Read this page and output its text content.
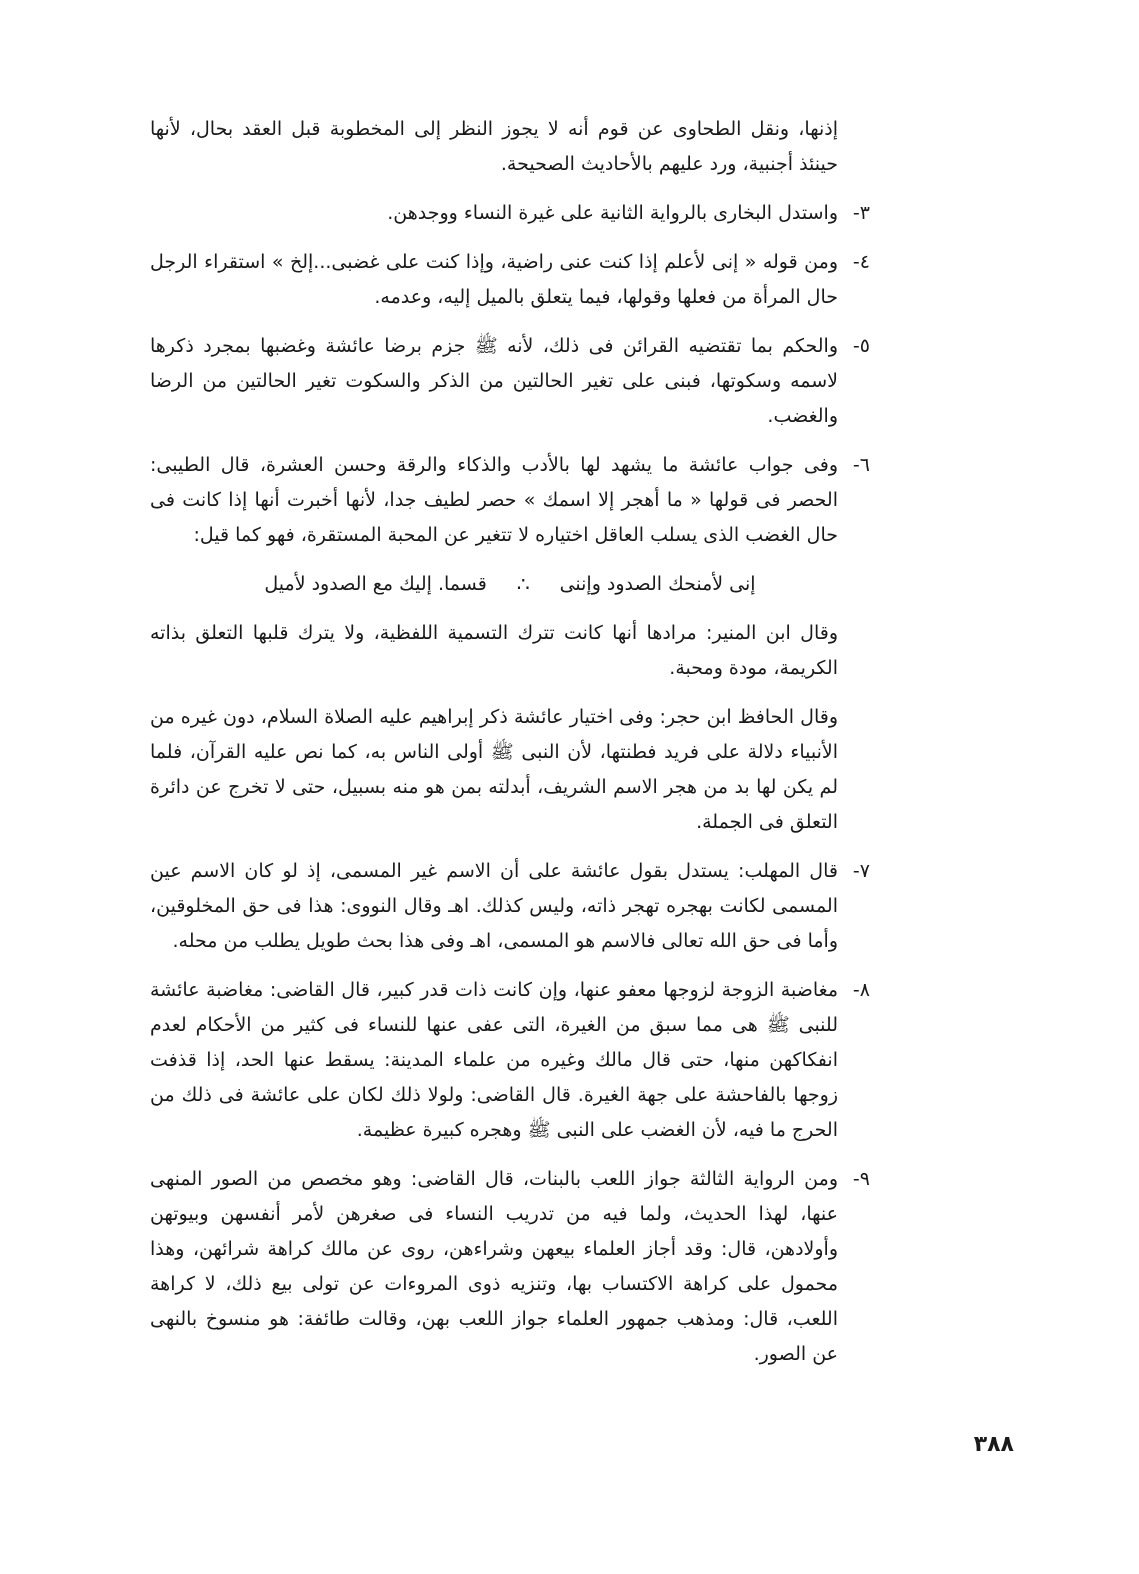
إذنها، ونقل الطحاوى عن قوم أنه لا يجوز النظر إلى المخطوبة قبل العقد بحال، لأنها حينئذ أجنبية، ورد عليهم بالأحاديث الصحيحة.

٣-
واستدل البخارى بالرواية الثانية على غيرة النساء ووجدهن.
٤-
ومن قوله « إنى لأعلم إذا كنت عنى راضية، وإذا كنت على غضبى...إلخ » استقراء الرجل حال المرأة من فعلها وقولها، فيما يتعلق بالميل إليه، وعدمه.
٥-
والحكم بما تقتضيه القرائن فى ذلك، لأنه ﷺ جزم برضا عائشة وغضبها بمجرد ذكرها لاسمه وسكوتها، فبنى على تغير الحالتين من الذكر والسكوت تغير الحالتين من الرضا والغضب.
٦-
وفى جواب عائشة ما يشهد لها بالأدب والذكاء والرقة وحسن العشرة، قال الطيبى: الحصر فى قولها « ما أهجر إلا اسمك » حصر لطيف جدا، لأنها أخبرت أنها إذا كانت فى حال الغضب الذى يسلب العاقل اختياره لا تتغير عن المحبة المستقرة، فهو كما قيل:
إنى لأمنحك الصدود وإننى
∴
قسما. إليك مع الصدود لأميل

وقال ابن المنير: مرادها أنها كانت تترك التسمية اللفظية، ولا يترك قلبها التعلق بذاته الكريمة، مودة ومحبة.

وقال الحافظ ابن حجر: وفى اختيار عائشة ذكر إبراهيم عليه الصلاة السلام، دون غيره من الأنبياء دلالة على فريد فطنتها، لأن النبى ﷺ أولى الناس به، كما نص عليه القرآن، فلما لم يكن لها بد من هجر الاسم الشريف، أبدلته بمن هو منه بسبيل، حتى لا تخرج عن دائرة التعلق فى الجملة.

٧-
قال المهلب: يستدل بقول عائشة على أن الاسم غير المسمى، إذ لو كان الاسم عين المسمى لكانت بهجره تهجر ذاته، وليس كذلك. اهـ وقال النووى: هذا فى حق المخلوقين، وأما فى حق الله تعالى فالاسم هو المسمى، اهـ وفى هذا بحث طويل يطلب من محله.
٨-
مغاضبة الزوجة لزوجها معفو عنها، وإن كانت ذات قدر كبير، قال القاضى: مغاضبة عائشة للنبى ﷺ هى مما سبق من الغيرة، التى عفى عنها للنساء فى كثير من الأحكام لعدم انفكاكهن منها، حتى قال مالك وغيره من علماء المدينة: يسقط عنها الحد، إذا قذفت زوجها بالفاحشة على جهة الغيرة. قال القاضى: ولولا ذلك لكان على عائشة فى ذلك من الحرج ما فيه، لأن الغضب على النبى ﷺ وهجره كبيرة عظيمة.
٩-
ومن الرواية الثالثة جواز اللعب بالبنات، قال القاضى: وهو مخصص من الصور المنهى عنها، لهذا الحديث، ولما فيه من تدريب النساء فى صغرهن لأمر أنفسهن وبيوتهن وأولادهن، قال: وقد أجاز العلماء بيعهن وشراءهن، روى عن مالك كراهة شرائهن، وهذا محمول على كراهة الاكتساب بها، وتنزيه ذوى المروءات عن تولى بيع ذلك، لا كراهة اللعب، قال: ومذهب جمهور العلماء جواز اللعب بهن، وقالت طائفة: هو منسوخ بالنهى عن الصور.
٣٨٨
